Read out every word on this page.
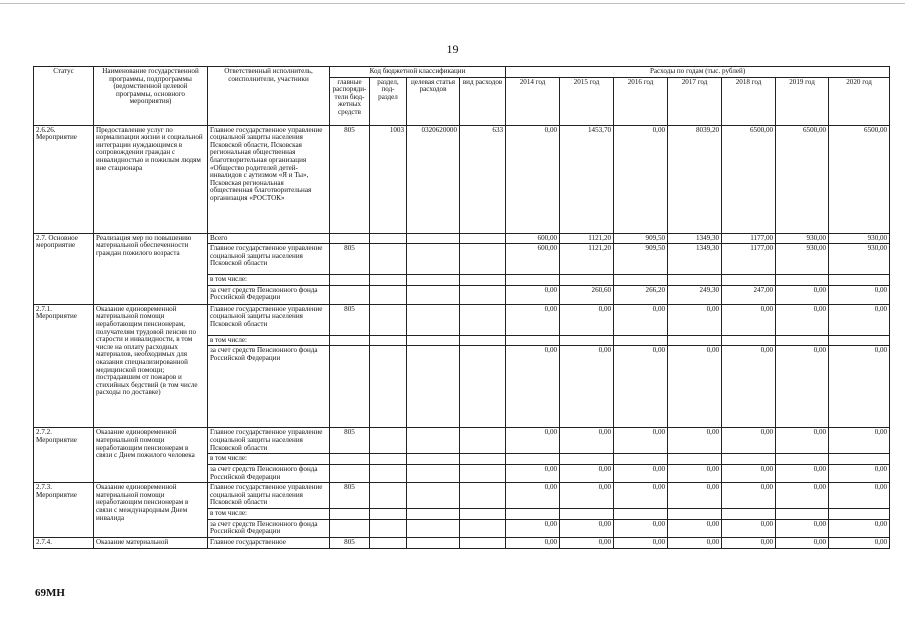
19
Статус	Наименование государственной программы, подпрограммы (ведомственной целевой программы, основного мероприятия)	Ответственный исполнитель, соисполнители, участники	Код бюджетной классификации				Расходы по годам (тыс. рублей)						
			главные распоряди-тели бюд-жетных средств	раздел, под-раздел	целевая статья расходов	вид расходов	2014 год	2015 год	2016 год	2017 год	2018 год	2019 год	2020 год
2.6.26. Мероприятие	Предоставление услуг по нормализации жизни и социальной интеграции нуждающимся в сопровождении граждан с инвалидностью и пожилым людям вне стационара	Главное государственное управление социальной защиты населения Псковской области, Псковская региональная общественная благотворительная организация «Общество родителей детей-инвалидов с аутизмом «Я и Ты», Псковская региональная общественная благотворительная организация «РОСТОК»	805	1003	0320620000	633	0,00	1453,70	0,00	8039,20	6500,00	6500,00	6500,00
2.7. Основное мероприятие	Реализация мер по повышению материальной обеспеченности граждан пожилого возраста	Всего					600,00	1121,20	909,50	1349,30	1177,00	930,00	930,00
		Главное государственное управление социальной защиты населения Псковской области	805				600,00	1121,20	909,50	1349,30	1177,00	930,00	930,00
		в том числе:											
		за счет средств Пенсионного фонда Российской Федерации					0,00	260,60	266,20	249,30	247,00	0,00	0,00
2.7.1. Мероприятие	Оказание единовременной материальной помощи неработающим пенсионерам, получателям трудовой пенсии по старости и инвалидности, в том числе на оплату расходных материалов, необходимых для оказания специализированной медицинской помощи; пострадавшим от пожаров и стихийных бедствий (в том числе расходы по доставке)	Главное государственное управление социальной защиты населения Псковской области	805				0,00	0,00	0,00	0,00	0,00	0,00	0,00
		в том числе:											
		за счет средств Пенсионного фонда Российской Федерации					0,00	0,00	0,00	0,00	0,00	0,00	0,00
2.7.2. Мероприятие	Оказание единовременной материальной помощи неработающим пенсионерам в связи с Днем пожилого человека	Главное государственное управление социальной защиты населения Псковской области	805				0,00	0,00	0,00	0,00	0,00	0,00	0,00
		в том числе:											
		за счет средств Пенсионного фонда Российской Федерации					0,00	0,00	0,00	0,00	0,00	0,00	0,00
2.7.3. Мероприятие	Оказание единовременной материальной помощи неработающим пенсионерам в связи с международным Днем инвалида	Главное государственное управление социальной защиты населения Псковской области	805				0,00	0,00	0,00	0,00	0,00	0,00	0,00
		в том числе:											
		за счет средств Пенсионного фонда Российской Федерации					0,00	0,00	0,00	0,00	0,00	0,00	0,00
2.7.4.	Оказание материальной	Главное государственное	805				0,00	0,00	0,00	0,00	0,00	0,00	0,00
69МН
